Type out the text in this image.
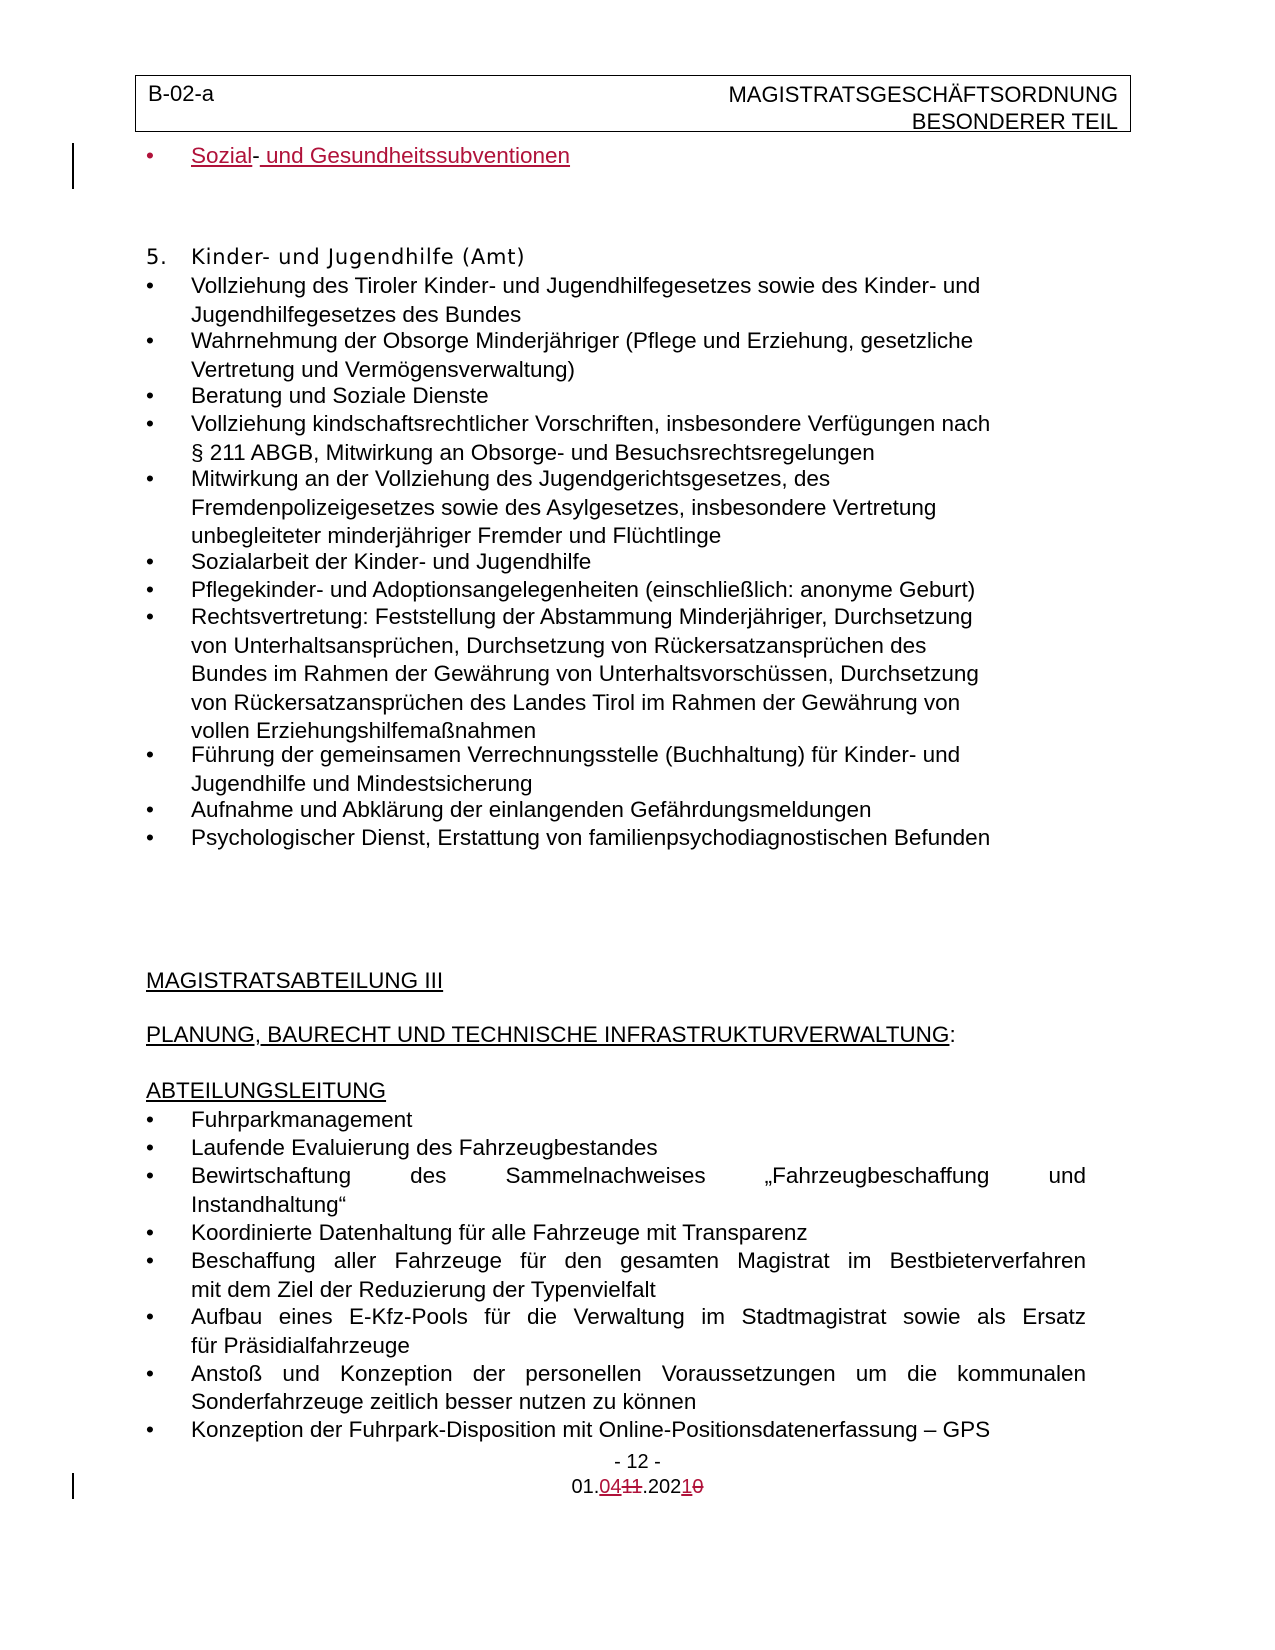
B-02-a	MAGISTRATSGESCHÄFTSORDNUNG
BESONDERER TEIL
•	Sozial- und Gesundheitssubventionen
5.	Kinder- und Jugendhilfe (Amt)
•	Vollziehung des Tiroler Kinder- und Jugendhilfegesetzes sowie des Kinder- und
Jugendhilfegesetzes des Bundes
•	Wahrnehmung der Obsorge Minderjähriger (Pflege und Erziehung, gesetzliche
Vertretung und Vermögensverwaltung)
•	Beratung und Soziale Dienste
•	Vollziehung kindschaftsrechtlicher Vorschriften, insbesondere Verfügungen nach
§ 211 ABGB, Mitwirkung an Obsorge- und Besuchsrechtsregelungen
•	Mitwirkung an der Vollziehung des Jugendgerichtsgesetzes, des
Fremdenpolizeigesetzes sowie des Asylgesetzes, insbesondere Vertretung
unbegleiteter minderjähriger Fremder und Flüchtlinge
•	Sozialarbeit der Kinder- und Jugendhilfe
•	Pflegekinder- und Adoptionsangelegenheiten (einschließlich: anonyme Geburt)
•	Rechtsvertretung: Feststellung der Abstammung Minderjähriger, Durchsetzung
von Unterhaltsansprüchen, Durchsetzung von Rückersatzansprüchen des
Bundes im Rahmen der Gewährung von Unterhaltsvorschüssen, Durchsetzung
von Rückersatzansprüchen des Landes Tirol im Rahmen der Gewährung von
vollen Erziehungshilfemaßnahmen
•	Führung der gemeinsamen Verrechnungsstelle (Buchhaltung) für Kinder- und
Jugendhilfe und Mindestsicherung
•	Aufnahme und Abklärung der einlangenden Gefährdungsmeldungen
•	Psychologischer Dienst, Erstattung von familienpsychodiagnostischen Befunden
MAGISTRATSABTEILUNG III
PLANUNG, BAURECHT UND TECHNISCHE INFRASTRUKTURVERWALTUNG:
ABTEILUNGSLEITUNG
•	Fuhrparkmanagement
•	Laufende Evaluierung des Fahrzeugbestandes
•	Bewirtschaftung des Sammelnachweises „Fahrzeugbeschaffung und
Instandhaltung“
•	Koordinierte Datenhaltung für alle Fahrzeuge mit Transparenz
•	Beschaffung aller Fahrzeuge für den gesamten Magistrat im Bestbieterverfahren
mit dem Ziel der Reduzierung der Typenvielfalt
•	Aufbau eines E-Kfz-Pools für die Verwaltung im Stadtmagistrat sowie als Ersatz
für Präsidialfahrzeuge
•	Anstoß und Konzeption der personellen Voraussetzungen um die kommunalen
Sonderfahrzeuge zeitlich besser nutzen zu können
•	Konzeption der Fuhrpark-Disposition mit Online-Positionsdatenerfassung – GPS
- 12 -
01.0411.20210
